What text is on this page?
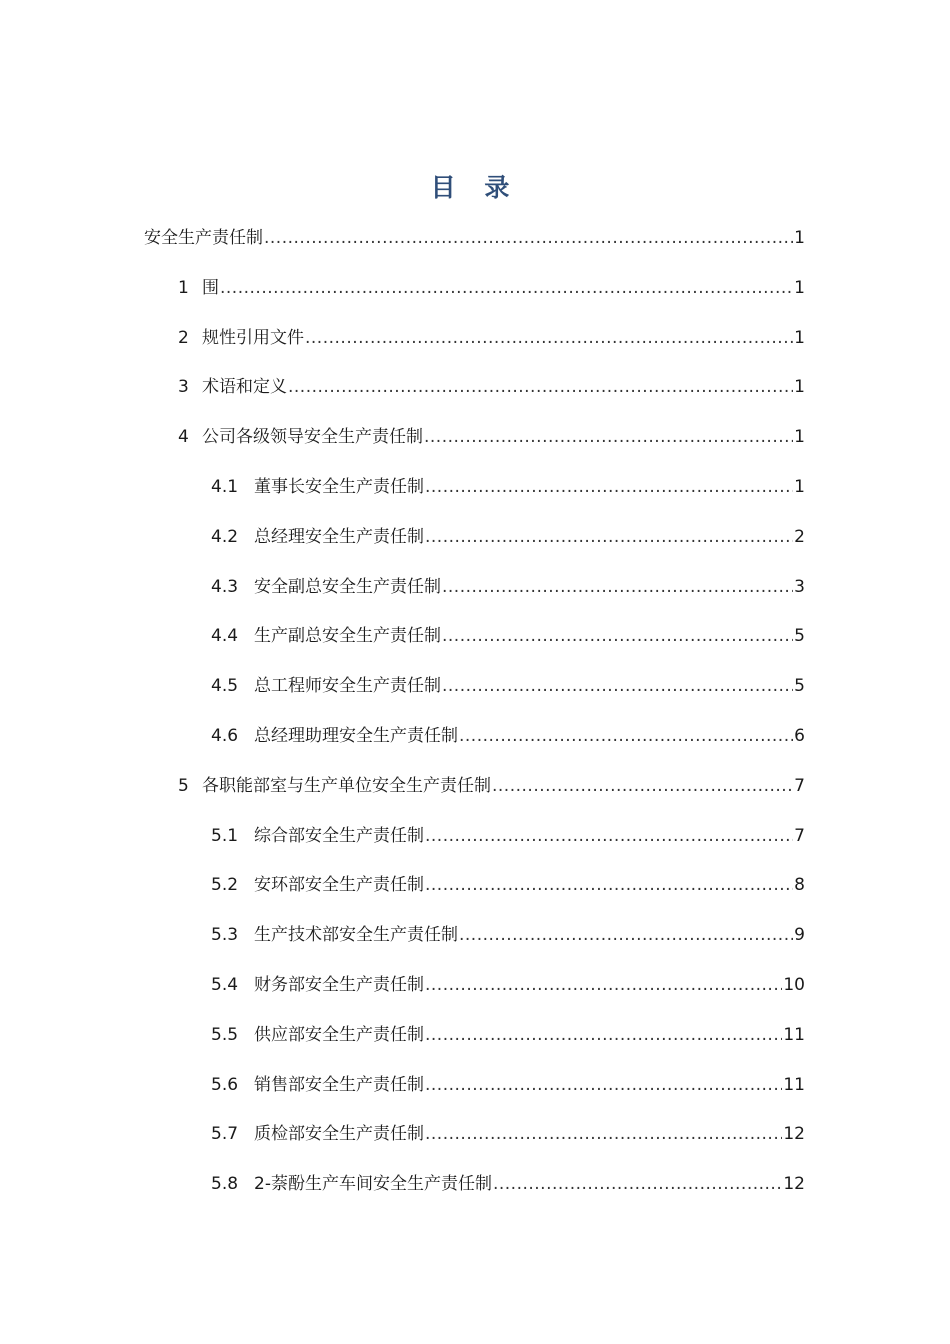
目 录
安全生产责任制 .....	1
1 围 .....	1
2 规性引用文件 .....	1
3 术语和定义 .....	1
4 公司各级领导安全生产责任制 .....	1
4.1 董事长安全生产责任制 .....	1
4.2 总经理安全生产责任制 .....	2
4.3 安全副总安全生产责任制 .....	3
4.4 生产副总安全生产责任制 .....	5
4.5 总工程师安全生产责任制 .....	5
4.6 总经理助理安全生产责任制 .....	6
5 各职能部室与生产单位安全生产责任制 .....	7
5.1 综合部安全生产责任制 .....	7
5.2 安环部安全生产责任制 .....	8
5.3 生产技术部安全生产责任制 .....	9
5.4 财务部安全生产责任制 .....	10
5.5 供应部安全生产责任制 .....	11
5.6 销售部安全生产责任制 .....	11
5.7 质检部安全生产责任制 .....	12
5.8 2-萘酚生产车间安全生产责任制 .....	12
